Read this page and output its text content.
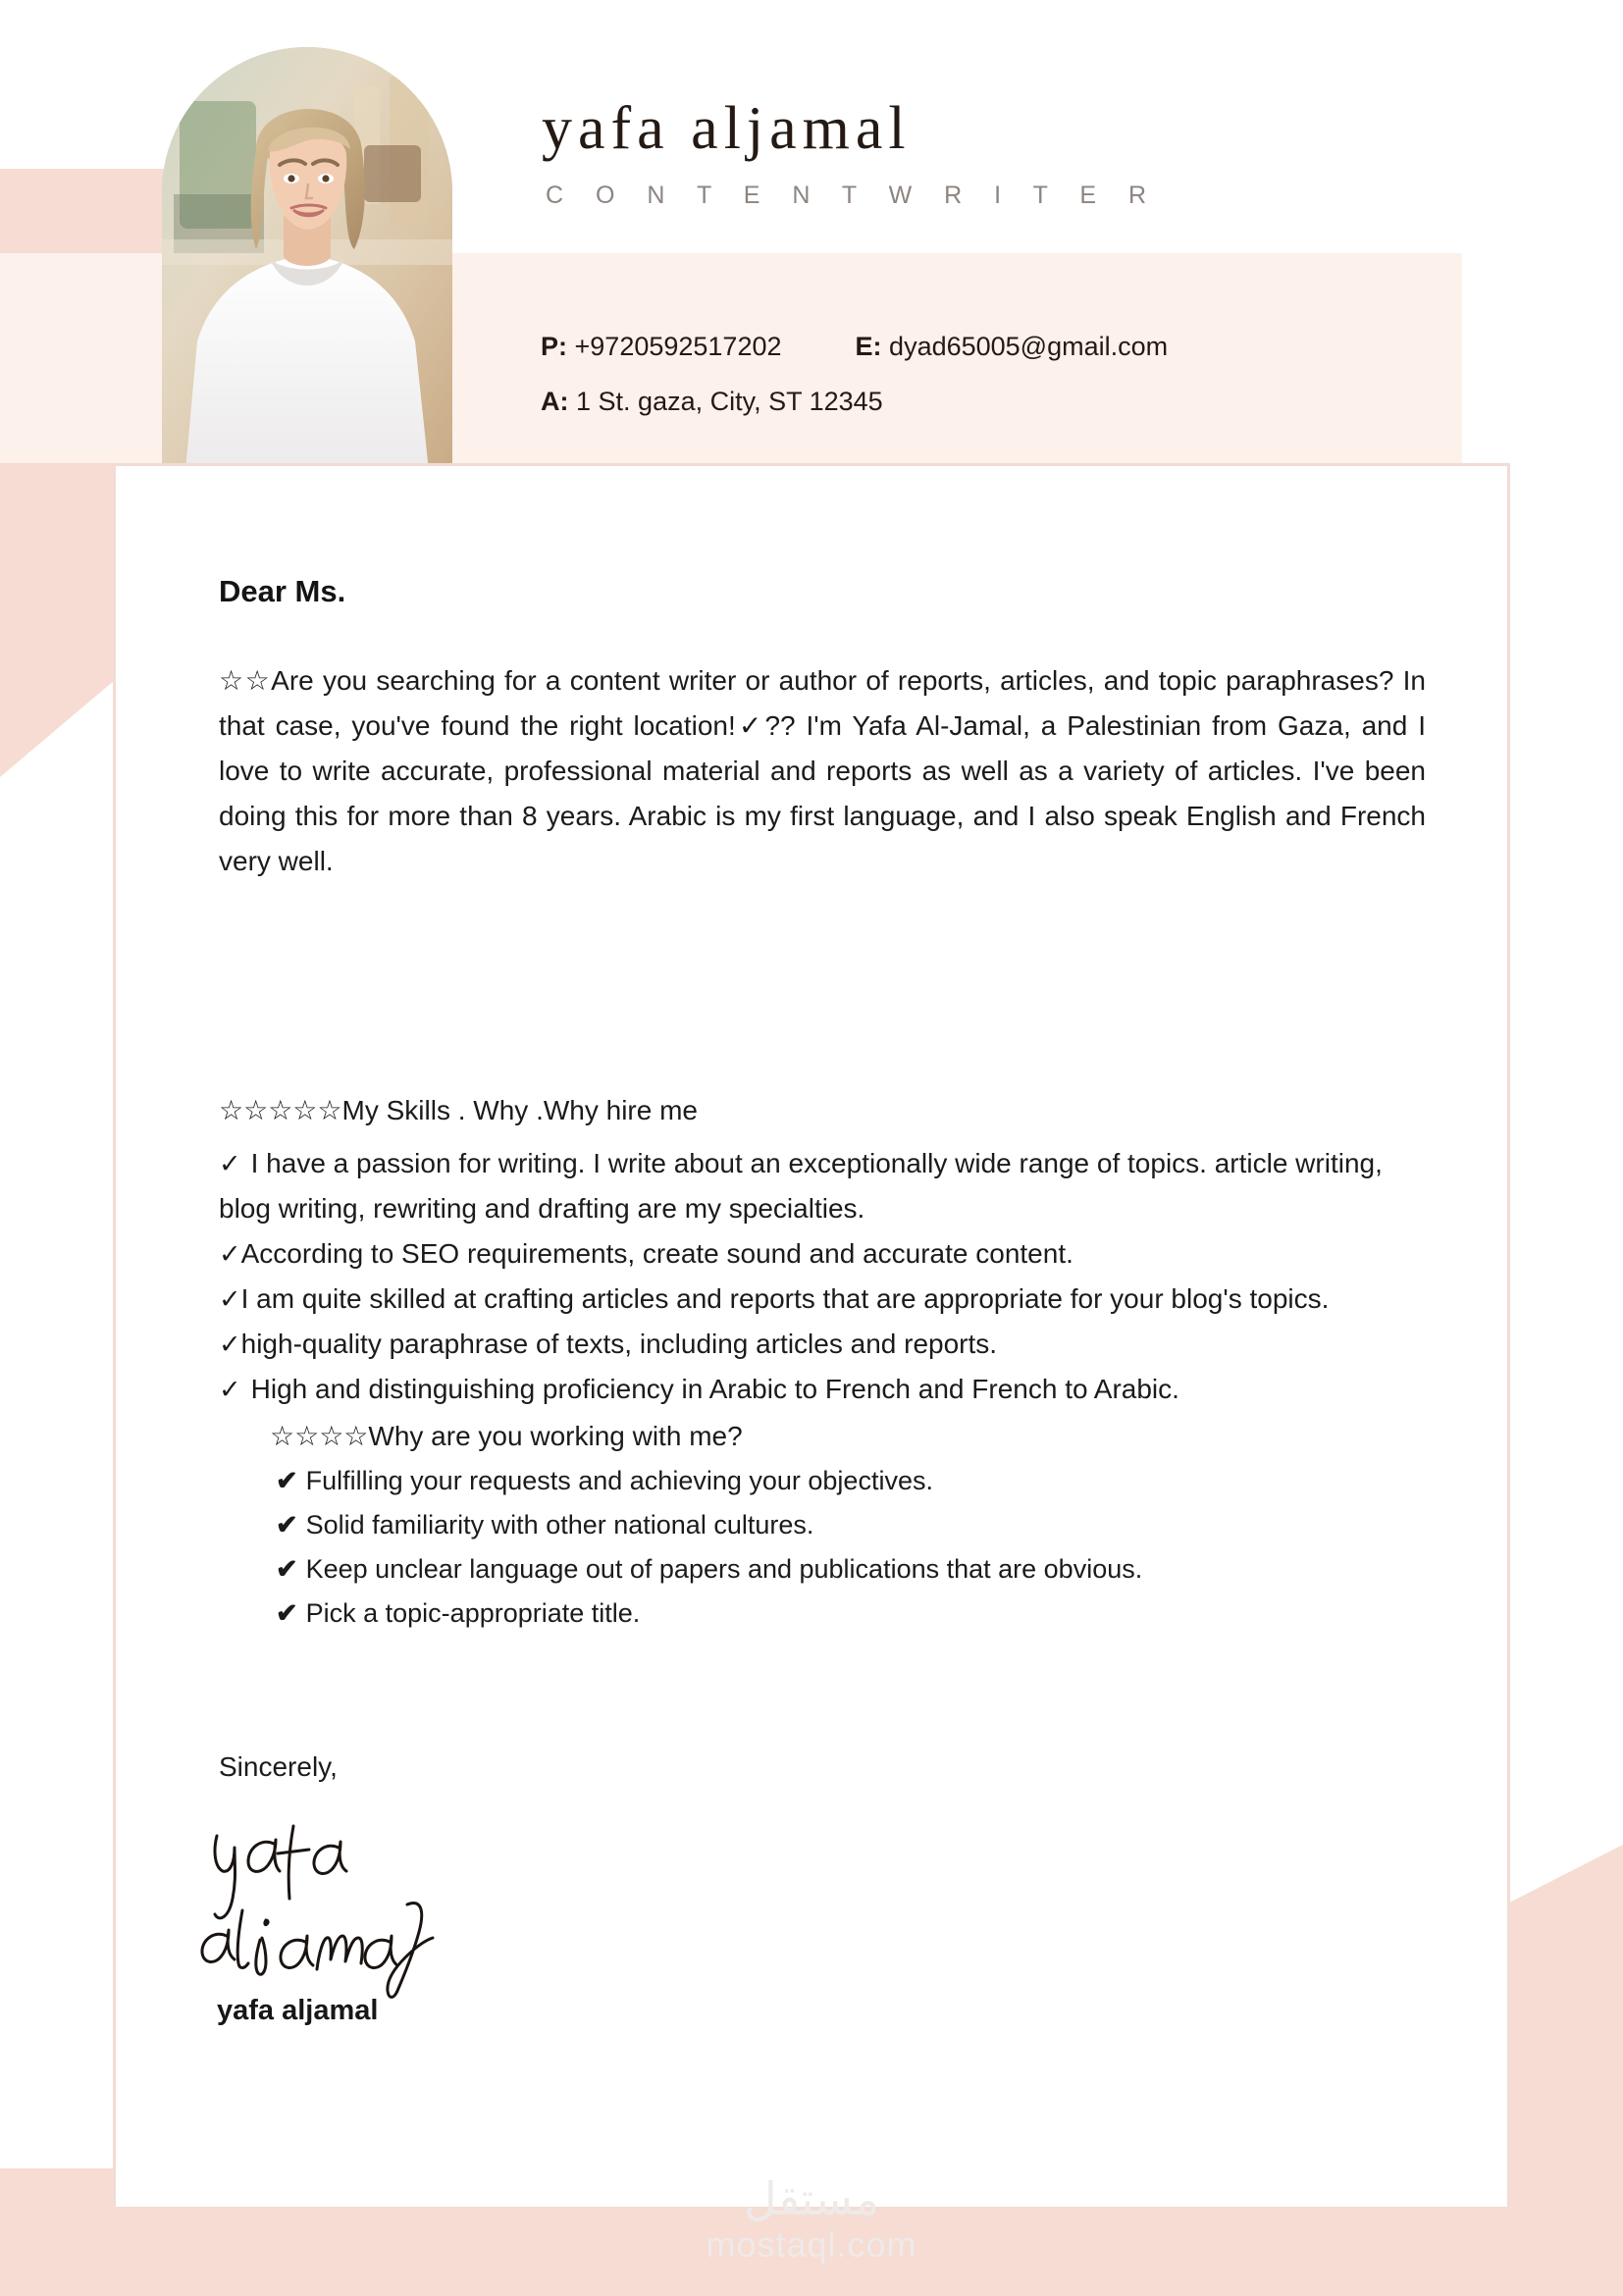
yafa aljamal
C O N T E N T W R I T E R
P: +9720592517202	E: dyad65005@gmail.com
A: 1 St. gaza, City, ST 12345

Dear Ms.

☆☆Are you searching for a content writer or author of reports, articles, and topic paraphrases? In that case, you've found the right location!✓?? I'm Yafa Al-Jamal, a Palestinian from Gaza, and I love to write accurate, professional material and reports as well as a variety of articles. I've been doing this for more than 8 years. Arabic is my first language, and I also speak English and French very well.

☆☆☆☆☆My Skills . Why .Why hire me

✓ I have a passion for writing. I write about an exceptionally wide range of topics. article writing, blog writing, rewriting and drafting are my specialties.

✓According to SEO requirements, create sound and accurate content.

✓I am quite skilled at crafting articles and reports that are appropriate for your blog's topics.

✓high-quality paraphrase of texts, including articles and reports.

✓ High and distinguishing proficiency in Arabic to French and French to Arabic.

☆☆☆☆Why are you working with me?

✔ Fulfilling your requests and achieving your objectives.

✔ Solid familiarity with other national cultures.

✔ Keep unclear language out of papers and publications that are obvious.

✔ Pick a topic-appropriate title.

Sincerely,
yafa aljamal
مستقل
mostaql.com
